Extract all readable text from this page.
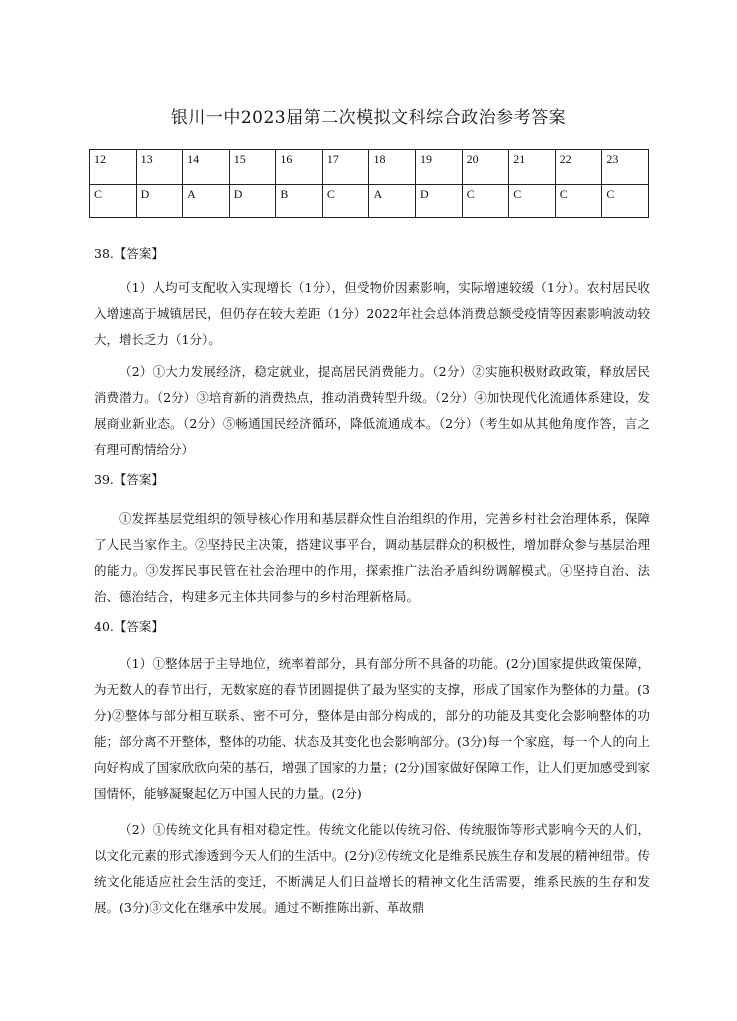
银川一中2023届第二次模拟文科综合政治参考答案
12	13	14	15	16	17	18	19	20	21	22	23
C	D	A	D	B	C	A	D	C	C	C	C
38.【答案】

（1）人均可支配收入实现增长（1分），但受物价因素影响，实际增速较缓（1分）。农村居民收入增速高于城镇居民，但仍存在较大差距（1分）2022年社会总体消费总额受疫情等因素影响波动较大，增长乏力（1分）。

（2）①大力发展经济，稳定就业，提高居民消费能力。（2分）②实施积极财政政策，释放居民消费潜力。（2分）③培育新的消费热点，推动消费转型升级。（2分）④加快现代化流通体系建设，发展商业新业态。（2分）⑤畅通国民经济循环，降低流通成本。（2分）（考生如从其他角度作答，言之有理可酌情给分）

39.【答案】

①发挥基层党组织的领导核心作用和基层群众性自治组织的作用，完善乡村社会治理体系，保障了人民当家作主。②坚持民主决策，搭建议事平台，调动基层群众的积极性，增加群众参与基层治理的能力。③发挥民事民管在社会治理中的作用，探索推广法治矛盾纠纷调解模式。④坚持自治、法治、德治结合，构建多元主体共同参与的乡村治理新格局。

40.【答案】

（1）①整体居于主导地位，统率着部分，具有部分所不具备的功能。(2分)国家提供政策保障，为无数人的春节出行，无数家庭的春节团圆提供了最为坚实的支撑，形成了国家作为整体的力量。(3分)②整体与部分相互联系、密不可分，整体是由部分构成的，部分的功能及其变化会影响整体的功能；部分离不开整体，整体的功能、状态及其变化也会影响部分。(3分)每一个家庭，每一个人的向上向好构成了国家欣欣向荣的基石，增强了国家的力量；(2分)国家做好保障工作，让人们更加感受到家国情怀，能够凝聚起亿万中国人民的力量。(2分)

（2）①传统文化具有相对稳定性。传统文化能以传统习俗、传统服饰等形式影响今天的人们，以文化元素的形式渗透到今天人们的生活中。(2分)②传统文化是维系民族生存和发展的精神纽带。传统文化能适应社会生活的变迁，不断满足人们日益增长的精神文化生活需要，维系民族的生存和发展。(3分)③文化在继承中发展。通过不断推陈出新、革故鼎
